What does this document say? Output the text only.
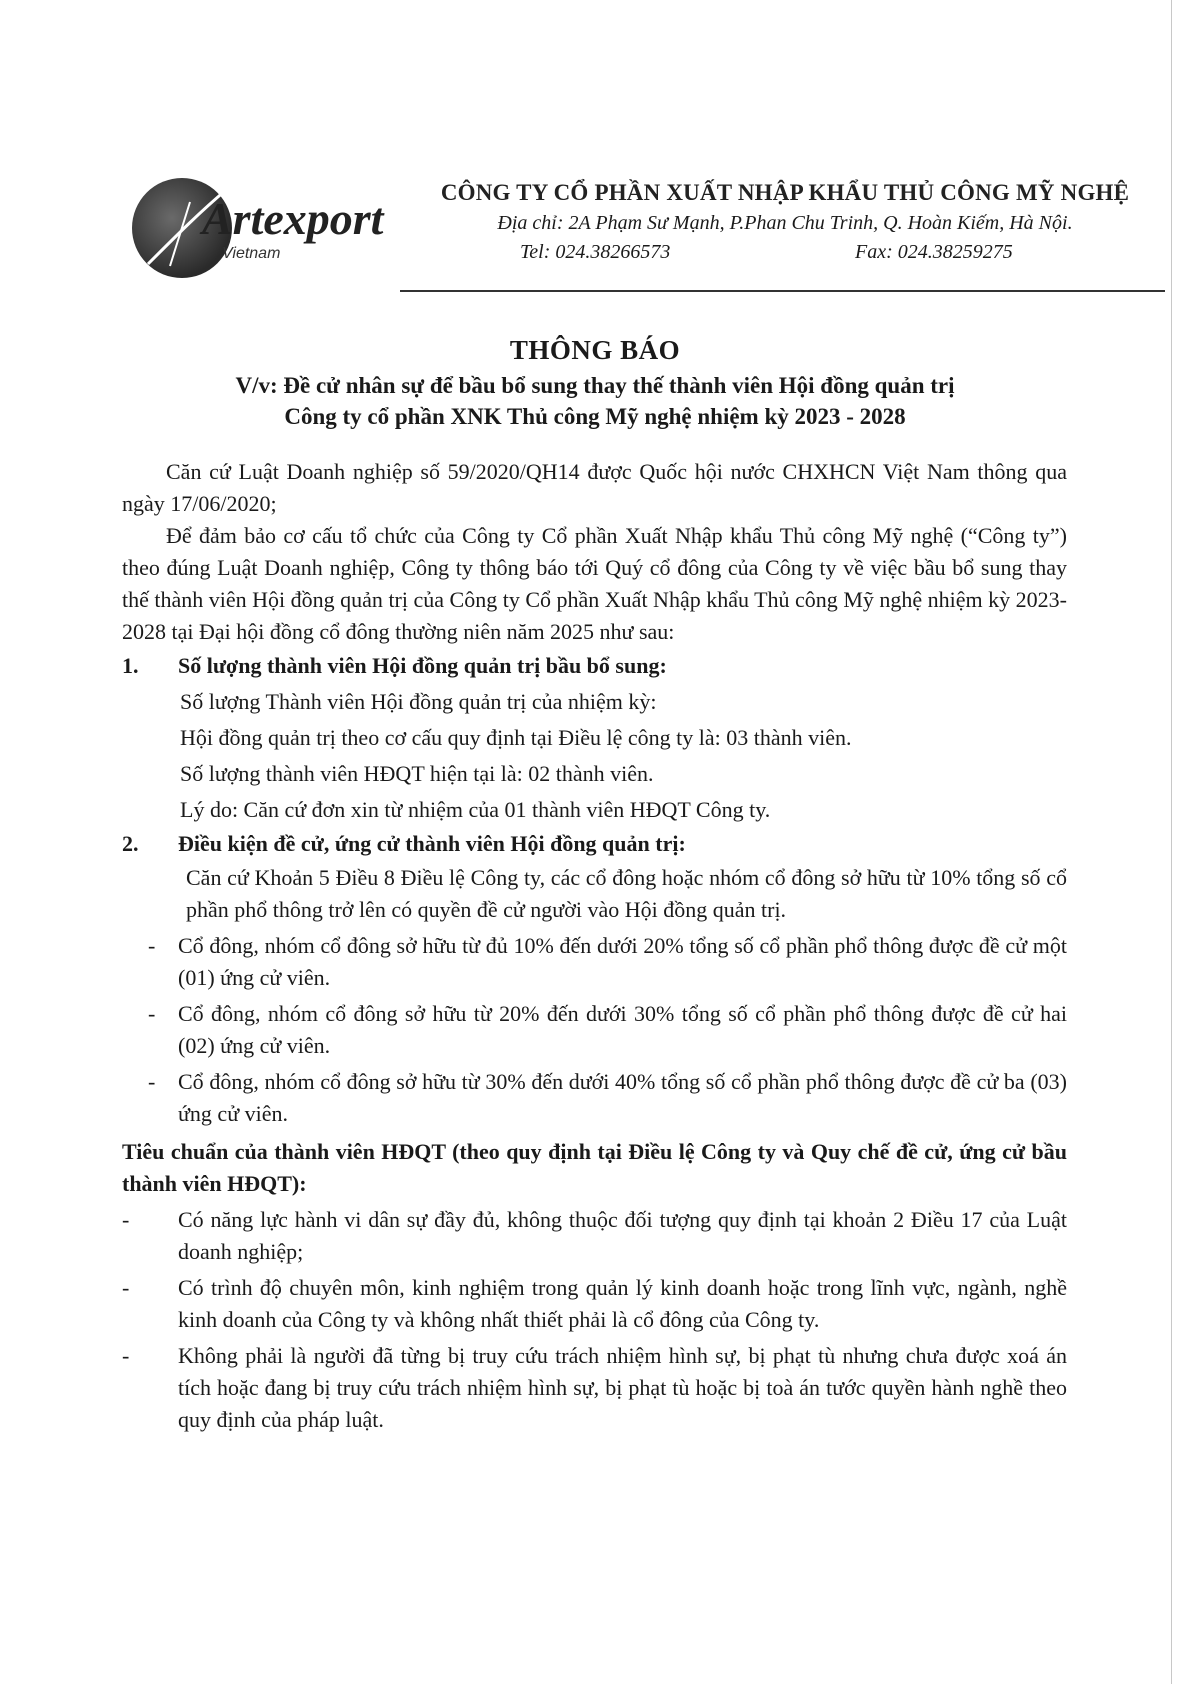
Artexport
Vietnam
CÔNG TY CỔ PHẦN XUẤT NHẬP KHẨU THỦ CÔNG MỸ NGHỆ
Địa chỉ: 2A Phạm Sư Mạnh, P.Phan Chu Trinh, Q. Hoàn Kiếm, Hà Nội.
Tel: 024.38266573	Fax: 024.38259275
THÔNG BÁO
V/v: Đề cử nhân sự để bầu bổ sung thay thế thành viên Hội đồng quản trị
Công ty cổ phần XNK Thủ công Mỹ nghệ nhiệm kỳ 2023 - 2028
Căn cứ Luật Doanh nghiệp số 59/2020/QH14 được Quốc hội nước CHXHCN Việt Nam thông qua ngày 17/06/2020;
Để đảm bảo cơ cấu tổ chức của Công ty Cổ phần Xuất Nhập khẩu Thủ công Mỹ nghệ (“Công ty”) theo đúng Luật Doanh nghiệp, Công ty thông báo tới Quý cổ đông của Công ty về việc bầu bổ sung thay thế thành viên Hội đồng quản trị của Công ty Cổ phần Xuất Nhập khẩu Thủ công Mỹ nghệ nhiệm kỳ 2023-2028 tại Đại hội đồng cổ đông thường niên năm 2025 như sau:
1.	Số lượng thành viên Hội đồng quản trị bầu bổ sung:
Số lượng Thành viên Hội đồng quản trị của nhiệm kỳ:
Hội đồng quản trị theo cơ cấu quy định tại Điều lệ công ty là: 03 thành viên.
Số lượng thành viên HĐQT hiện tại là: 02 thành viên.
Lý do: Căn cứ đơn xin từ nhiệm của 01 thành viên HĐQT Công ty.
2.	Điều kiện đề cử, ứng cử thành viên Hội đồng quản trị:
Căn cứ Khoản 5 Điều 8 Điều lệ Công ty, các cổ đông hoặc nhóm cổ đông sở hữu từ 10% tổng số cổ phần phổ thông trở lên có quyền đề cử người vào Hội đồng quản trị.
-	Cổ đông, nhóm cổ đông sở hữu từ đủ 10% đến dưới 20% tổng số cổ phần phổ thông được đề cử một (01) ứng cử viên.
-	Cổ đông, nhóm cổ đông sở hữu từ 20% đến dưới 30% tổng số cổ phần phổ thông được đề cử hai (02) ứng cử viên.
-	Cổ đông, nhóm cổ đông sở hữu từ 30% đến dưới 40% tổng số cổ phần phổ thông được đề cử ba (03) ứng cử viên.
Tiêu chuẩn của thành viên HĐQT (theo quy định tại Điều lệ Công ty và Quy chế đề cử, ứng cử bầu thành viên HĐQT):
-	Có năng lực hành vi dân sự đầy đủ, không thuộc đối tượng quy định tại khoản 2 Điều 17 của Luật doanh nghiệp;
-	Có trình độ chuyên môn, kinh nghiệm trong quản lý kinh doanh hoặc trong lĩnh vực, ngành, nghề kinh doanh của Công ty và không nhất thiết phải là cổ đông của Công ty.
-	Không phải là người đã từng bị truy cứu trách nhiệm hình sự, bị phạt tù nhưng chưa được xoá án tích hoặc đang bị truy cứu trách nhiệm hình sự, bị phạt tù hoặc bị toà án tước quyền hành nghề theo quy định của pháp luật.
